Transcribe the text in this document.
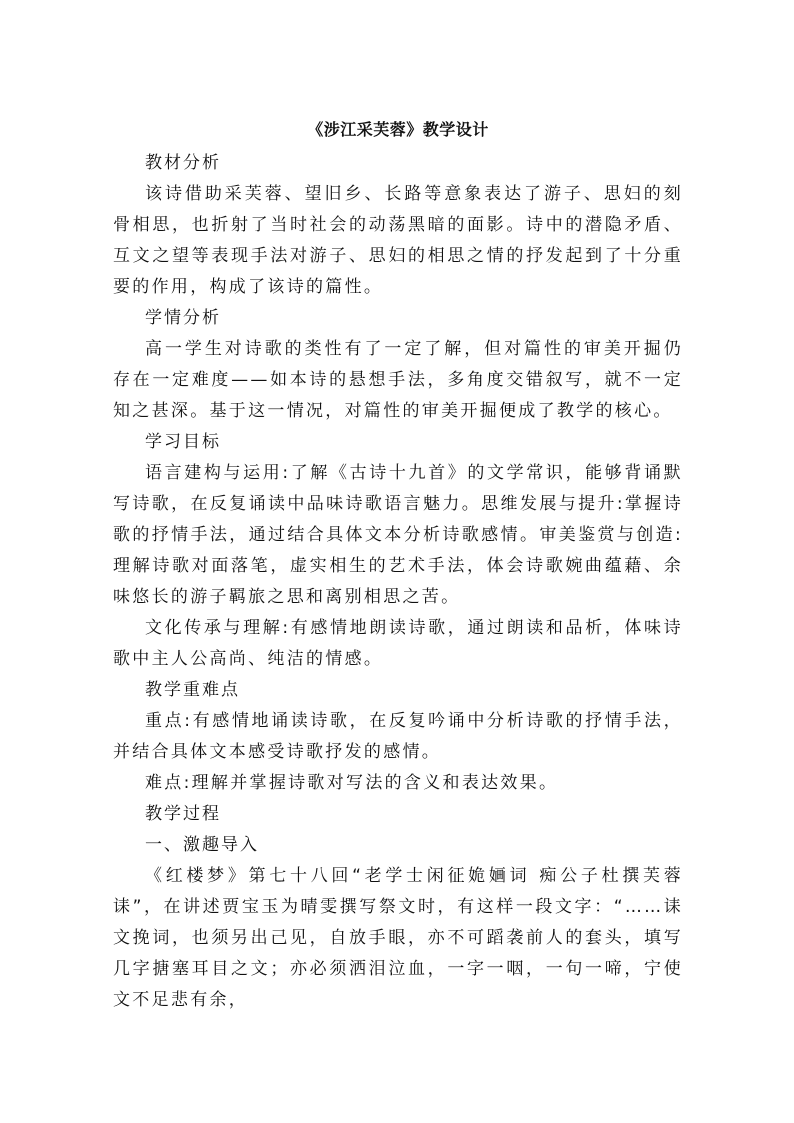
《涉江采芙蓉》教学设计

教材分析

该诗借助采芙蓉、望旧乡、长路等意象表达了游子、思妇的刻骨相思，也折射了当时社会的动荡黑暗的面影。诗中的潜隐矛盾、互文之望等表现手法对游子、思妇的相思之情的抒发起到了十分重要的作用，构成了该诗的篇性。

学情分析

高一学生对诗歌的类性有了一定了解，但对篇性的审美开掘仍存在一定难度——如本诗的悬想手法，多角度交错叙写，就不一定知之甚深。基于这一情况，对篇性的审美开掘便成了教学的核心。

学习目标

语言建构与运用:了解《古诗十九首》的文学常识，能够背诵默写诗歌，在反复诵读中品味诗歌语言魅力。思维发展与提升:掌握诗歌的抒情手法，通过结合具体文本分析诗歌感情。审美鉴赏与创造:理解诗歌对面落笔，虚实相生的艺术手法，体会诗歌婉曲蕴藉、余味悠长的游子羁旅之思和离别相思之苦。

文化传承与理解:有感情地朗读诗歌，通过朗读和品析，体味诗歌中主人公高尚、纯洁的情感。

教学重难点

重点:有感情地诵读诗歌，在反复吟诵中分析诗歌的抒情手法，并结合具体文本感受诗歌抒发的感情。

难点:理解并掌握诗歌对写法的含义和表达效果。

教学过程

一、激趣导入

《红楼梦》第七十八回“老学士闲征姽婳词 痴公子杜撰芙蓉诔”，在讲述贾宝玉为晴雯撰写祭文时，有这样一段文字：“……诔文挽词，也须另出己见，自放手眼，亦不可蹈袭前人的套头，填写几字搪塞耳目之文；亦必须洒泪泣血，一字一咽，一句一啼，宁使文不足悲有余，
